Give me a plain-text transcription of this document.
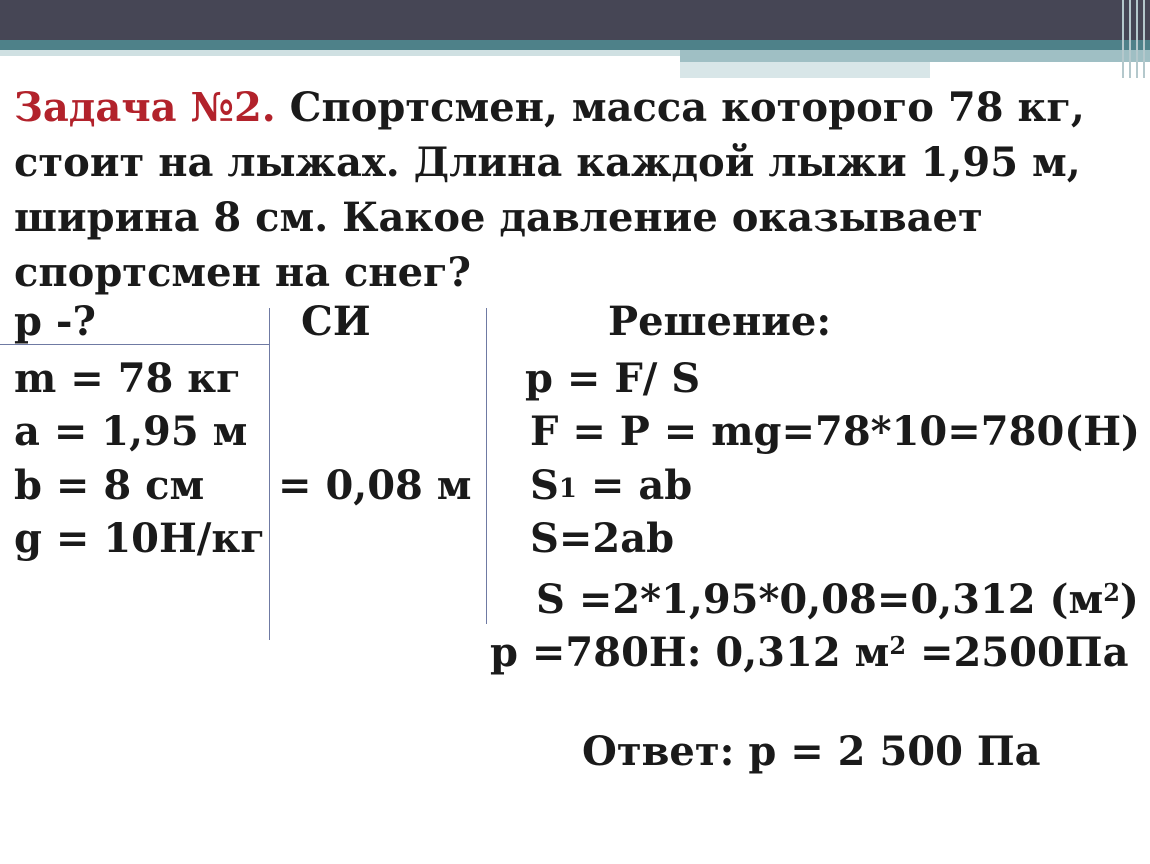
Задача №2. Спортсмен, масса которого 78 кг, стоит на лыжах. Длина каждой лыжи 1,95 м, ширина 8 см. Какое давление оказывает спортсмен на снег?

p -?	СИ	Решение:
m = 78 кг
a = 1,95 м
b = 8 см
g = 10Н/кг
= 0,08 м
p = F/ S
F = P = mg=78*10=780(Н)
S1 = ab
S=2ab
S =2*1,95*0,08=0,312 $(м^2)$
p =780Н: 0,312 $м^2 =2500Па$
Ответ: p = 2 500 Па
